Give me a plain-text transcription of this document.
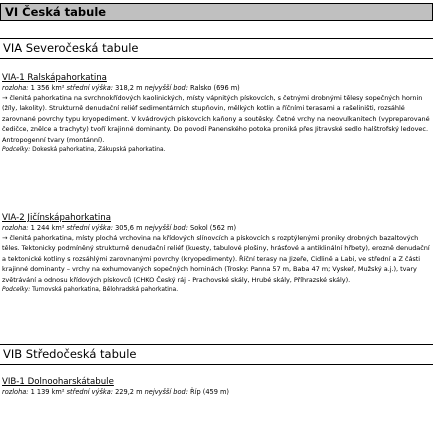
VI Česká tabule
VIA Severočeská tabule

VIA-1 Ralskápahorkatina

rozloha: 1 356 km² střední výška: 318,2 m nejvyšší bod: Ralsko (696 m)

→ členitá pahorkatina na svrchnokřídových kaolinických, místy vápnitých pískovcích, s četnými drobnými tělesy sopečných hornin (žíly, lakolity). Strukturně denudační reliéf sedimentárních stupňovin, mělkých kotlin a říčními terasami a rašeliništi, rozsáhlé zarovnané povrchy typu kryopediment. V kvádrových pískovcích kaňony a soutěsky. Četné vrchy na neovulkanitech (vypreparované čedičce, znělce a trachyty) tvoří krajinné dominanty. Do povodí Panenského potoka proniká přes Jitravské sedlo halštrofský ledovec. Antropogenní tvary (montánní).

Podcelky: Dokeská pahorkatina, Zákupská pahorkatina.

VIA-2 Jičínskápahorkatina

rozloha: 1 244 km² střední výška: 305,6 m nejvyšší bod: Sokol (562 m)

→ členitá pahorkatina, místy plochá vrchovina na křídových slínovcích a pískovcích s rozptýlenými proniky drobných bazaltových těles. Tektonicky podmíněný strukturně denudační reliéf (kuesty, tabulové plošiny, hrásťové a antiklinální hřbety), erozně denudační a tektonické kotliny s rozsáhlými zarovnanými povrchy (kryopedimenty). Říční terasy na Jizeře, Cidlině a Labi, ve střední a Z části krajinné dominanty – vrchy na exhumovaných sopečných horninách (Trosky: Panna 57 m, Baba 47 m; Vyskeř, Mužský a.j.), tvary zvětrávání a odnosu křídových pískovců (CHKO Český ráj - Prachovské skály, Hrubé skály, Příhrazské skály).

Podcelky: Turnovská pahorkatina, Bělohradská pahorkatina.

VIB Středočeská tabule

VIB-1 Dolnooharskátabule

rozloha: 1 139 km² střední výška: 229,2 m nejvyšší bod: Říp (459 m)
